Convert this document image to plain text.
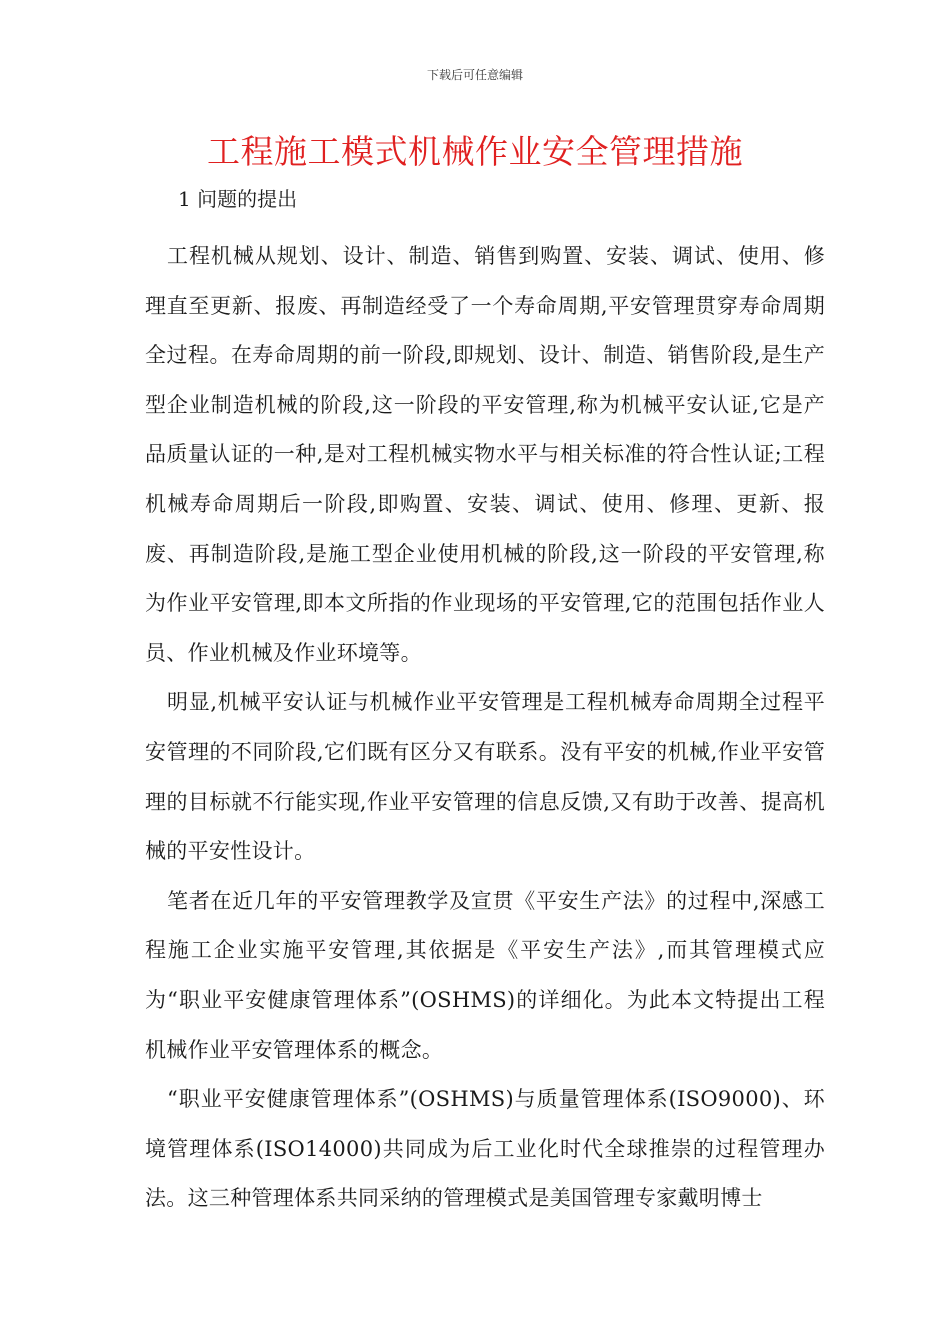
下载后可任意编辑
工程施工模式机械作业安全管理措施
1 问题的提出

工程机械从规划、设计、制造、销售到购置、安装、调试、使用、修理直至更新、报废、再制造经受了一个寿命周期,平安管理贯穿寿命周期全过程。在寿命周期的前一阶段,即规划、设计、制造、销售阶段,是生产型企业制造机械的阶段,这一阶段的平安管理,称为机械平安认证,它是产品质量认证的一种,是对工程机械实物水平与相关标准的符合性认证;工程机械寿命周期后一阶段,即购置、安装、调试、使用、修理、更新、报废、再制造阶段,是施工型企业使用机械的阶段,这一阶段的平安管理,称为作业平安管理,即本文所指的作业现场的平安管理,它的范围包括作业人员、作业机械及作业环境等。

明显,机械平安认证与机械作业平安管理是工程机械寿命周期全过程平安管理的不同阶段,它们既有区分又有联系。没有平安的机械,作业平安管理的目标就不行能实现,作业平安管理的信息反馈,又有助于改善、提高机械的平安性设计。

笔者在近几年的平安管理教学及宣贯《平安生产法》的过程中,深感工程施工企业实施平安管理,其依据是《平安生产法》,而其管理模式应为“职业平安健康管理体系”(OSHMS)的详细化。为此本文特提出工程机械作业平安管理体系的概念。

“职业平安健康管理体系”(OSHMS)与质量管理体系(ISO9000)、环境管理体系(ISO14000)共同成为后工业化时代全球推崇的过程管理办法。这三种管理体系共同采纳的管理模式是美国管理专家戴明博士
